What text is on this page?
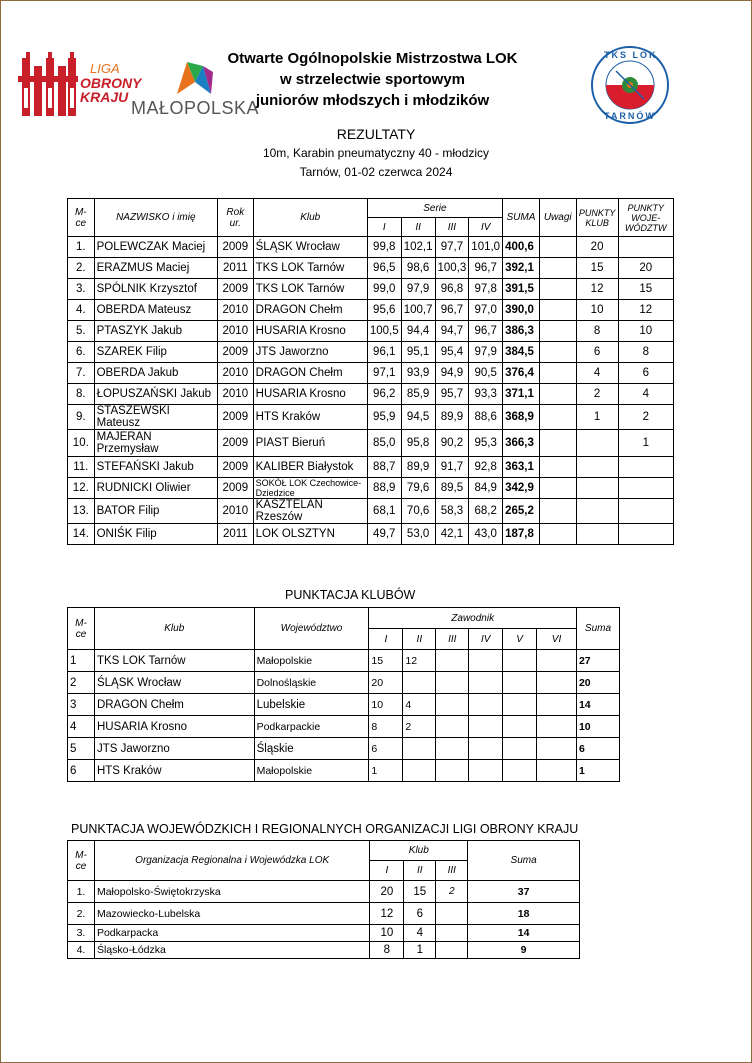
LIGA
OBRONY
KRAJU
MAŁOPOLSKA
TKS LOK
TARNÓW
Otwarte Ogólnopolskie Mistrzostwa LOK
w strzelectwie sportowym
juniorów młodszych i młodzików
REZULTATY
10m, Karabin pneumatyczny 40 - młodzicy
Tarnów, 01-02 czerwca 2024
M-ce	NAZWISKO i imię	Rok ur.	Klub	Serie				SUMA	Uwagi	PUNKTY KLUB	PUNKTY WOJE-WÓDZTW
				I	II	III	IV				
1.	POLEWCZAK Maciej	2009	ŚLĄSK Wrocław	99,8	102,1	97,7	101,0	400,6		20	
2.	ERAZMUS Maciej	2011	TKS LOK Tarnów	96,5	98,6	100,3	96,7	392,1		15	20
3.	SPÓLNIK Krzysztof	2009	TKS LOK Tarnów	99,0	97,9	96,8	97,8	391,5		12	15
4.	OBERDA Mateusz	2010	DRAGON Chełm	95,6	100,7	96,7	97,0	390,0		10	12
5.	PTASZYK Jakub	2010	HUSARIA Krosno	100,5	94,4	94,7	96,7	386,3		8	10
6.	SZAREK Filip	2009	JTS Jaworzno	96,1	95,1	95,4	97,9	384,5		6	8
7.	OBERDA Jakub	2010	DRAGON Chełm	97,1	93,9	94,9	90,5	376,4		4	6
8.	ŁOPUSZAŃSKI Jakub	2010	HUSARIA Krosno	96,2	85,9	95,7	93,3	371,1		2	4
9.	STASZEWSKI Mateusz	2009	HTS Kraków	95,9	94,5	89,9	88,6	368,9		1	2
10.	MAJERAN Przemysław	2009	PIAST Bieruń	85,0	95,8	90,2	95,3	366,3			1
11.	STEFAŃSKI Jakub	2009	KALIBER Białystok	88,7	89,9	91,7	92,8	363,1			
12.	RUDNICKI Oliwier	2009	SOKÓŁ LOK Czechowice-Dziedzice	88,9	79,6	89,5	84,9	342,9			
13.	BATOR Filip	2010	KASZTELAN Rzeszów	68,1	70,6	58,3	68,2	265,2			
14.	ONIŚK Filip	2011	LOK OLSZTYN	49,7	53,0	42,1	43,0	187,8			
PUNKTACJA KLUBÓW
M-ce	Klub	Województwo	Zawodnik						Suma
			I	II	III	IV	V	VI	
1	TKS LOK Tarnów	Małopolskie	15	12					27
2	ŚLĄSK Wrocław	Dolnośląskie	20						20
3	DRAGON Chełm	Lubelskie	10	4					14
4	HUSARIA Krosno	Podkarpackie	8	2					10
5	JTS Jaworzno	Śląskie	6						6
6	HTS Kraków	Małopolskie	1						1
PUNKTACJA WOJEWÓDZKICH I REGIONALNYCH ORGANIZACJI LIGI OBRONY KRAJU
M-ce	Organizacja Regionalna i Wojewódzka LOK	Klub			Suma
		I	II	III	
1.	Małopolsko-Świętokrzyska	20	15	2	37
2.	Mazowiecko-Lubelska	12	6		18
3.	Podkarpacka	10	4		14
4.	Śląsko-Łódzka	8	1		9
